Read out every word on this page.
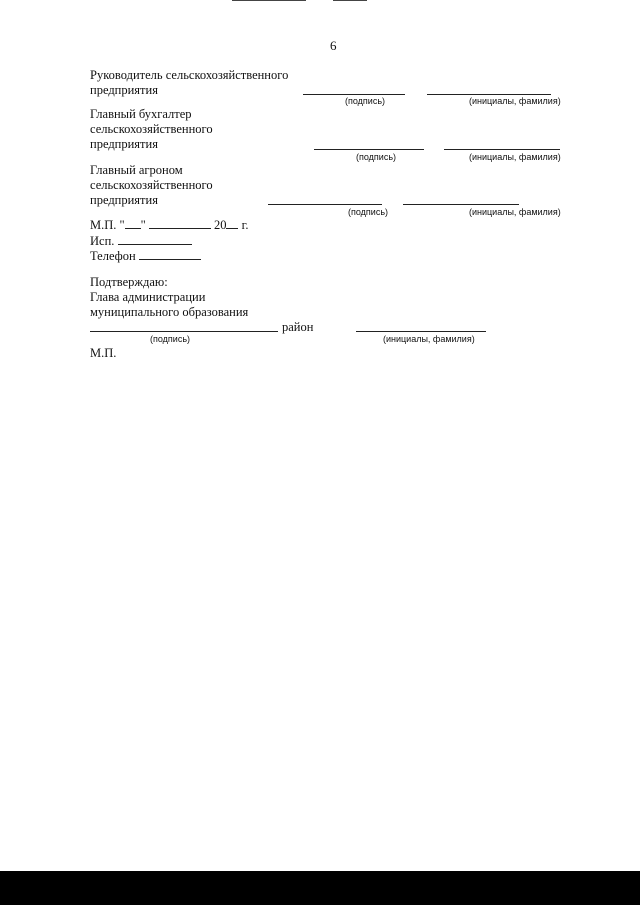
6
Руководитель сельскохозяйственного
предприятия
(подпись)	(инициалы, фамилия)
Главный бухгалтер
сельскохозяйственного
предприятия
(подпись)	(инициалы, фамилия)
Главный агроном
сельскохозяйственного
предприятия
(подпись)	(инициалы, фамилия)
М.П. " "	20 г.
Исп.
Телефон
Подтверждаю:
Глава администрации
муниципального образования
район
(подпись)	(инициалы, фамилия)
М.П.
